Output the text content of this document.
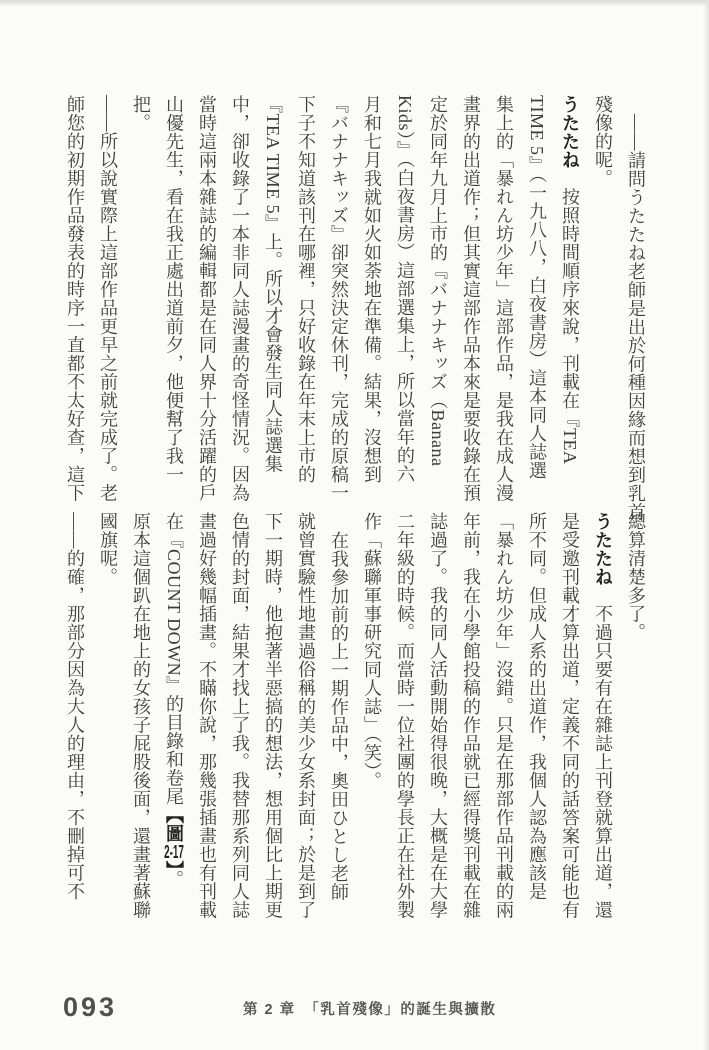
——請問うたたね老師是出於何種因緣而想到乳首
殘像的呢。
うたたね　按照時間順序來說，刊載在『TEA
TIME 5』（一九八八，白夜書房）這本同人誌選
集上的「暴れん坊少年」這部作品，是我在成人漫
畫界的出道作；但其實這部作品本來是要收錄在預
定於同年九月上市的『バナナキッズ（Banana
Kids）』（白夜書房）這部選集上，所以當年的六
月和七月我就如火如荼地在準備。結果，沒想到
『バナナキッズ』卻突然決定休刊，完成的原稿一
下子不知道該刊在哪裡，只好收錄在年末上市的
『TEA TIME 5』上。所以才會發生同人誌選集
中，卻收錄了一本非同人誌漫畫的奇怪情況。因為
當時這兩本雜誌的編輯都是在同人界十分活躍的戶
山優先生，看在我正處出道前夕，他便幫了我一
把。
——所以說實際上這部作品更早之前就完成了。老
師您的初期作品發表的時序一直都不太好查，這下
總算清楚多了。
うたたね　不過只要有在雜誌上刊登就算出道，還
是受邀刊載才算出道，定義不同的話答案可能也有
所不同。但成人系的出道作，我個人認為應該是
「暴れん坊少年」沒錯。只是在那部作品刊載的兩
年前，我在小學館投稿的作品就已經得獎刊載在雜
誌過了。我的同人活動開始得很晚，大概是在大學
二年級的時候。而當時一位社團的學長正在社外製
作「蘇聯軍事研究同人誌」（笑）。
在我參加前的上一期作品中，奧田ひとし老師
就曾實驗性地畫過俗稱的美少女系封面；於是到了
下一期時，他抱著半惡搞的想法，想用個比上期更
色情的封面，結果才找上了我。我替那系列同人誌
畫過好幾幅插畫。不瞞你說，那幾張插畫也有刊載
在『COUNT DOWN』的目錄和卷尾【圖2-17】。
原本這個趴在地上的女孩子屁股後面，還畫著蘇聯
國旗呢。
——的確，那部分因為大人的理由，不刪掉可不
093	第 2 章　「乳首殘像」的誕生與擴散
